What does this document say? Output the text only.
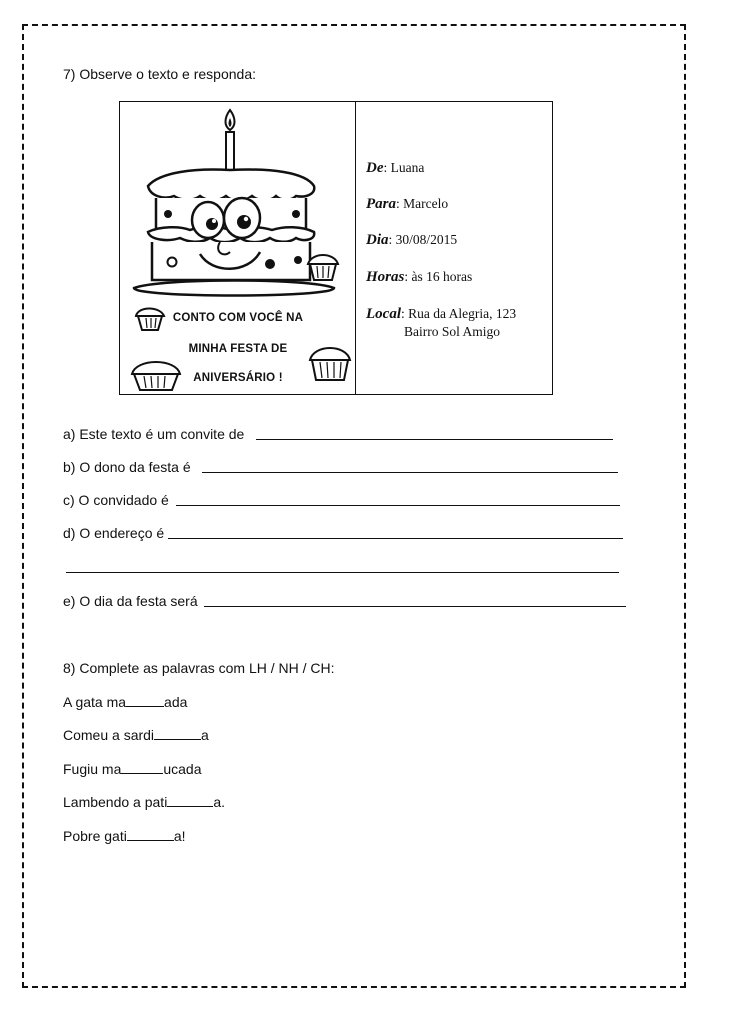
7) Observe o texto e responda:
CONTO COM VOCÊ NA
MINHA FESTA DE
ANIVERSÁRIO !
De: Luana
Para: Marcelo
Dia: 30/08/2015
Horas: às 16 horas
Local: Rua da Alegria, 123
Bairro Sol Amigo
a) Este texto é um convite de
b) O dono da festa é
c) O convidado é
d) O endereço é
e) O dia da festa será
8) Complete as palavras com LH / NH / CH:
A gata ma	ada
Comeu a sardi	a
Fugiu ma	ucada
Lambendo a pati	a.
Pobre gati	a!
